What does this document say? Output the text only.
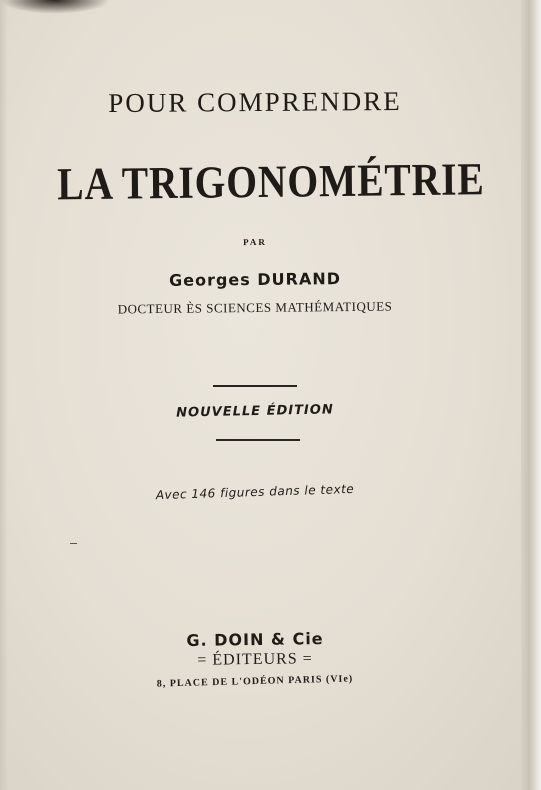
POUR COMPRENDRE
LA TRIGONOMÉTRIE
PAR
Georges DURAND
DOCTEUR ÈS SCIENCES MATHÉMATIQUES
NOUVELLE ÉDITION
Avec 146 figures dans le texte
G. DOIN & Cie
= ÉDITEURS =
8, PLACE DE L'ODÉON PARIS (VIe)
